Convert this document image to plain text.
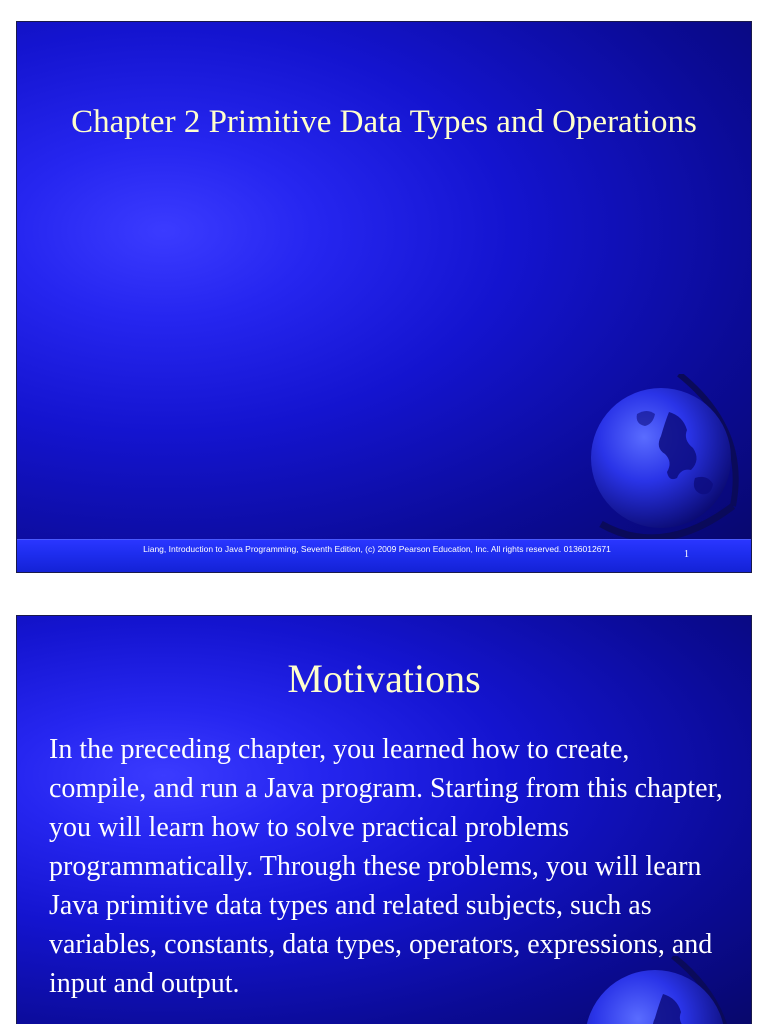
Chapter 2 Primitive Data Types and Operations
Liang, Introduction to Java Programming, Seventh Edition, (c) 2009 Pearson Education, Inc. All rights reserved. 0136012671	1
Motivations

In the preceding chapter, you learned how to create, compile, and run a Java program. Starting from this chapter, you will learn how to solve practical problems programmatically. Through these problems, you will learn Java primitive data types and related subjects, such as variables, constants, data types, operators, expressions, and input and output.
